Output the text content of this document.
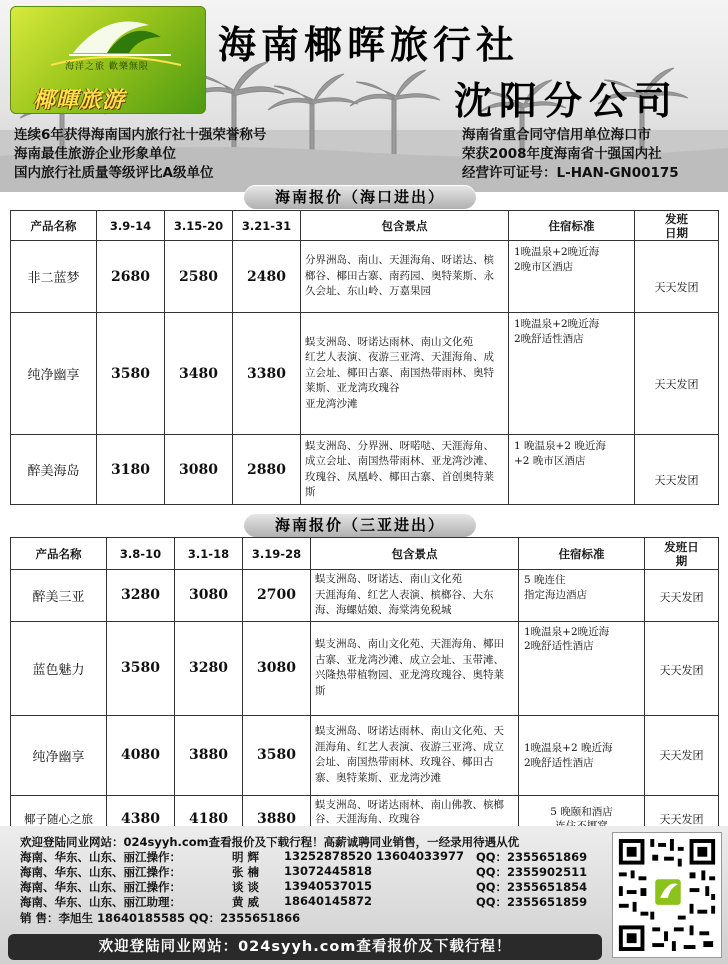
海洋之旅 歡樂無限
椰暉旅游
海南椰晖旅行社
沈阳分公司
连续6年获得海南国内旅行社十强荣誉称号
海南最佳旅游企业形象单位
国内旅行社质量等级评比A级单位
海南省重合同守信用单位海口市
荣获2008年度海南省十强国内社
经营许可证号：L-HAN-GN00175
海南报价（海口进出）
产品名称	3.9-14	3.15-20	3.21-31	包含景点	住宿标准	发班
日期
非二蓝梦	2680	2580	2480	分界洲岛、南山、天涯海角、呀诺达、槟榔谷、椰田古寨、南药园、奥特莱斯、永久会址、东山岭、万嘉果园	1晚温泉+2晚近海
2晚市区酒店	天天发团
纯净幽享	3580	3480	3380	蜈支洲岛、呀诺达雨林、南山文化苑
红艺人表演、夜游三亚湾、天涯海角、成立会址、椰田古寨、南国热带雨林、奥特莱斯、亚龙湾玫瑰谷
亚龙湾沙滩	1晚温泉+2晚近海
2晚舒适性酒店	天天发团
醉美海岛	3180	3080	2880	蜈支洲岛、分界洲、呀喏哒、天涯海角、成立会址、南国热带雨林、亚龙湾沙滩、玫瑰谷、凤凰岭、椰田古寨、首创奥特莱斯	1 晚温泉+2 晚近海
+2 晚市区酒店	天天发团
海南报价（三亚进出）
产品名称	3.8-10	3.1-18	3.19-28	包含景点	住宿标准	发班日
期
醉美三亚	3280	3080	2700	蜈支洲岛、呀诺达、南山文化苑
天涯海角、红艺人表演、槟榔谷、大东海、海螺姑娘、海棠湾免税城	5 晚连住
指定海边酒店	天天发团
蓝色魅力	3580	3280	3080	蜈支洲岛、南山文化苑、天涯海角、椰田古寨、亚龙湾沙滩、成立会址、玉带滩、兴隆热带植物园、亚龙湾玫瑰谷、奥特莱斯	1晚温泉+2晚近海
2晚舒适性酒店	天天发团
纯净幽享	4080	3880	3580	蜈支洲岛、呀诺达雨林、南山文化苑、天涯海角、红艺人表演、夜游三亚湾、成立会址、南国热带雨林、玫瑰谷、椰田古寨、奥特莱斯、亚龙湾沙滩	1晚温泉+2 晚近海
2晚舒适性酒店	天天发团
椰子随心之旅	4380	4180	3880	蜈支洲岛、呀诺达雨林、南山佛教、槟榔谷、天涯海角、玫瑰谷	5 晚颐和酒店	天天发团
欢迎登陆同业网站：024syyh.com查看报价及下载行程！高薪诚聘同业销售，一经录用待遇从优
海南、华东、山东、丽江操作：	明 辉 13252878520 13604033977 QQ：2355651869
海南、华东、山东、丽江操作：	张 楠 13072445818	QQ：2355902511
海南、华东、山东、丽江操作：	谈 谈 13940537015	QQ：2355651854
海南、华东、山东、丽江助理：	黄 威 18640145872	QQ：2355651859
销 售：李旭生 18640185585 QQ：2355651866
欢迎登陆同业网站：024syyh.com查看报价及下载行程！
